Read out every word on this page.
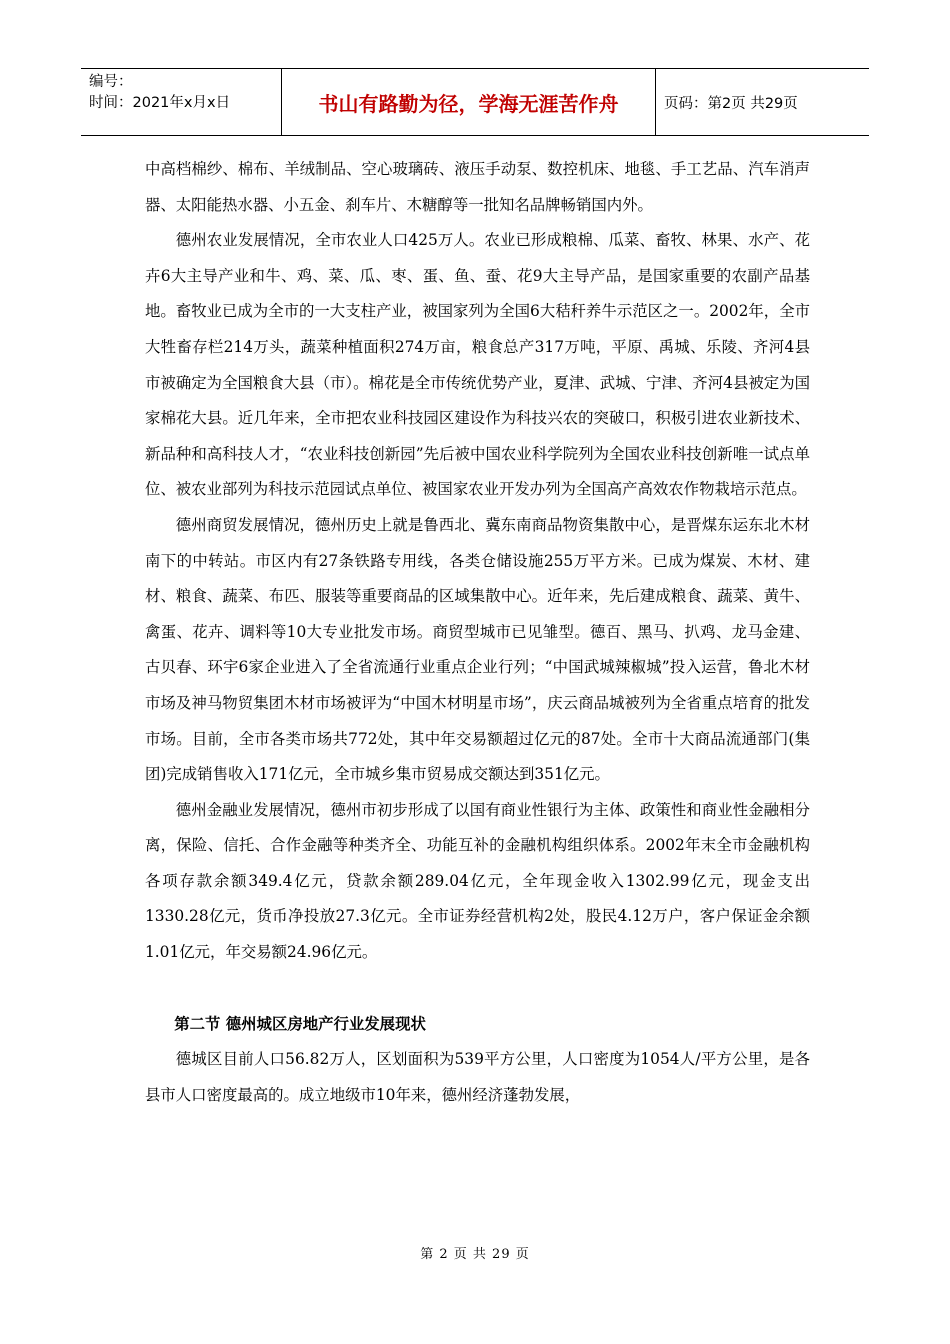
编号：
时间：2021年x月x日	书山有路勤为径，学海无涯苦作舟	页码：第2页 共29页

中高档棉纱、棉布、羊绒制品、空心玻璃砖、液压手动泵、数控机床、地毯、手工艺品、汽车消声器、太阳能热水器、小五金、刹车片、木糖醇等一批知名品牌畅销国内外。

德州农业发展情况，全市农业人口425万人。农业已形成粮棉、瓜菜、畜牧、林果、水产、花卉6大主导产业和牛、鸡、菜、瓜、枣、蛋、鱼、蚕、花9大主导产品，是国家重要的农副产品基地。畜牧业已成为全市的一大支柱产业，被国家列为全国6大秸秆养牛示范区之一。2002年，全市大牲畜存栏214万头，蔬菜种植面积274万亩，粮食总产317万吨，平原、禹城、乐陵、齐河4县市被确定为全国粮食大县（市）。棉花是全市传统优势产业，夏津、武城、宁津、齐河4县被定为国家棉花大县。近几年来，全市把农业科技园区建设作为科技兴农的突破口，积极引进农业新技术、新品种和高科技人才，“农业科技创新园”先后被中国农业科学院列为全国农业科技创新唯一试点单位、被农业部列为科技示范园试点单位、被国家农业开发办列为全国高产高效农作物栽培示范点。

德州商贸发展情况，德州历史上就是鲁西北、冀东南商品物资集散中心，是晋煤东运东北木材南下的中转站。市区内有27条铁路专用线，各类仓储设施255万平方米。已成为煤炭、木材、建材、粮食、蔬菜、布匹、服装等重要商品的区域集散中心。近年来，先后建成粮食、蔬菜、黄牛、禽蛋、花卉、调料等10大专业批发市场。商贸型城市已见雏型。德百、黑马、扒鸡、龙马金建、古贝春、环宇6家企业进入了全省流通行业重点企业行列；“中国武城辣椒城”投入运营，鲁北木材市场及神马物贸集团木材市场被评为“中国木材明星市场”，庆云商品城被列为全省重点培育的批发市场。目前，全市各类市场共772处，其中年交易额超过亿元的87处。全市十大商品流通部门(集团)完成销售收入171亿元，全市城乡集市贸易成交额达到351亿元。

德州金融业发展情况，德州市初步形成了以国有商业性银行为主体、政策性和商业性金融相分离，保险、信托、合作金融等种类齐全、功能互补的金融机构组织体系。2002年末全市金融机构各项存款余额349.4亿元，贷款余额289.04亿元，全年现金收入1302.99亿元，现金支出1330.28亿元，货币净投放27.3亿元。全市证券经营机构2处，股民4.12万户，客户保证金余额1.01亿元，年交易额24.96亿元。

第二节 德州城区房地产行业发展现状

德城区目前人口56.82万人，区划面积为539平方公里，人口密度为1054人/平方公里，是各县市人口密度最高的。成立地级市10年来，德州经济蓬勃发展，

第 2 页 共 29 页
